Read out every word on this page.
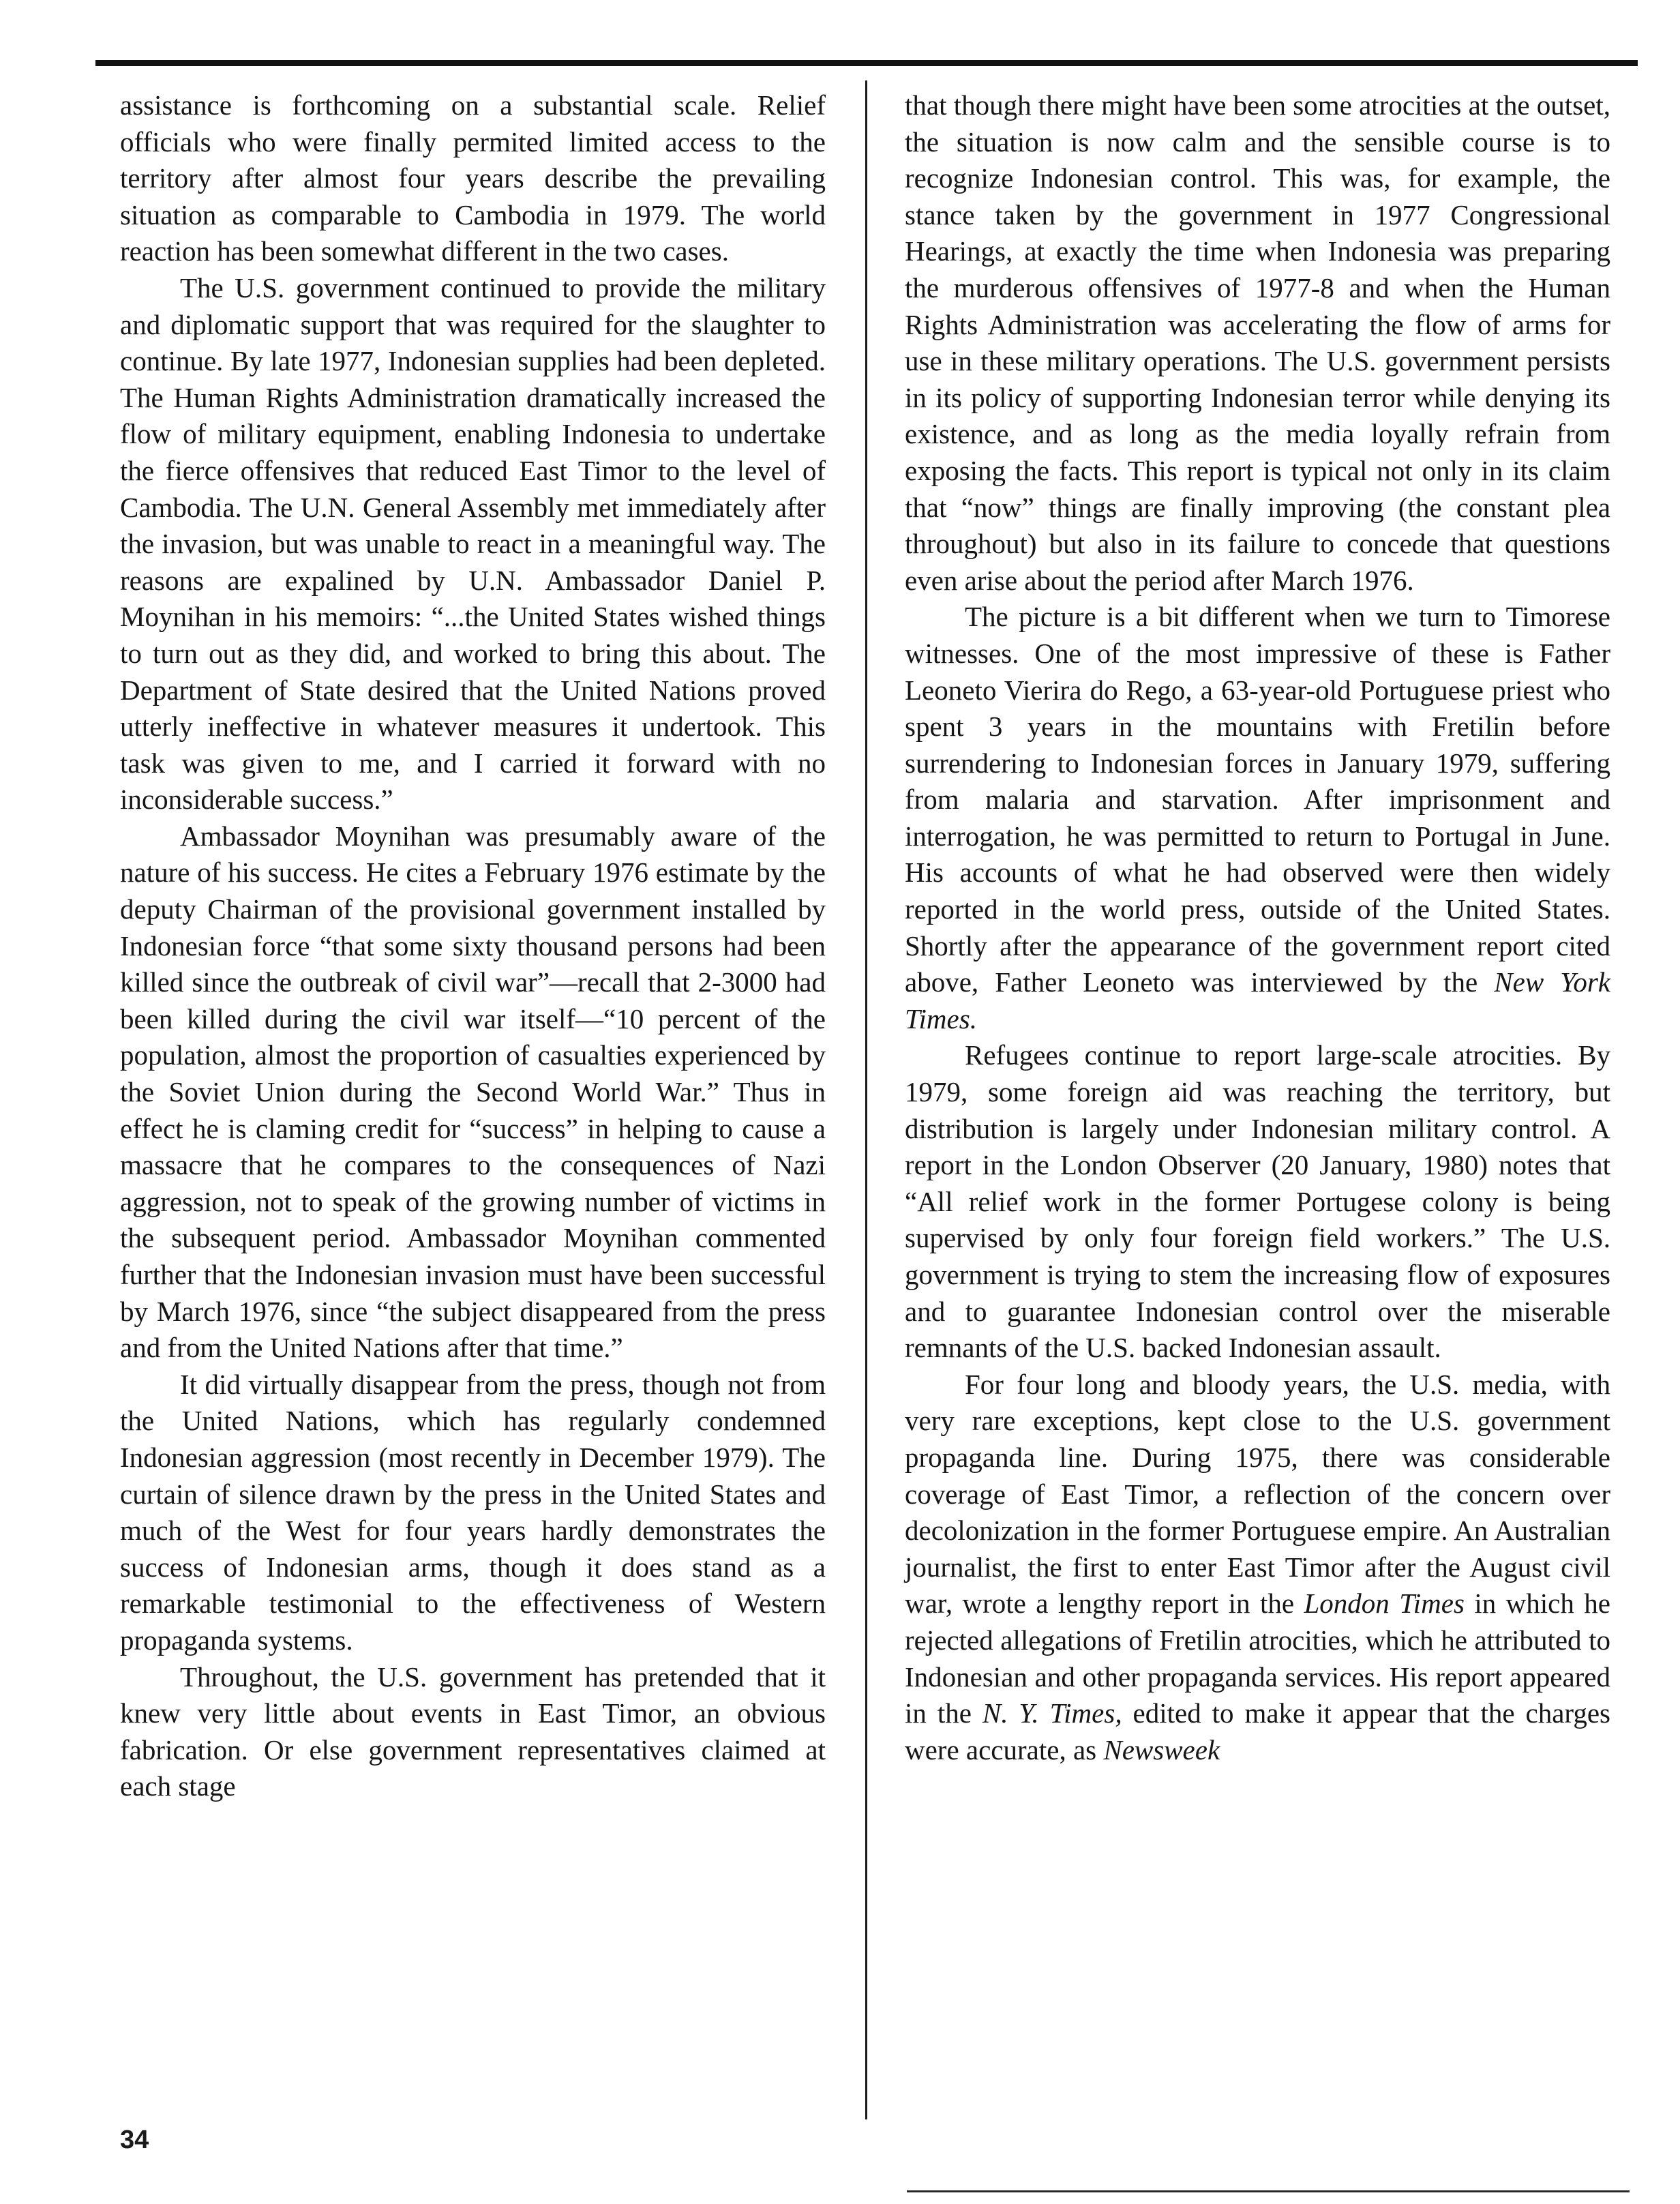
assistance is forthcoming on a substantial scale. Relief officials who were finally permited limited access to the territory after almost four years describe the prevailing situation as comparable to Cambodia in 1979. The world reaction has been somewhat different in the two cases.

The U.S. government continued to provide the military and diplomatic support that was required for the slaughter to continue. By late 1977, Indonesian supplies had been depleted. The Human Rights Administration dramatically increased the flow of military equipment, enabling Indonesia to undertake the fierce offensives that reduced East Timor to the level of Cambodia. The U.N. General Assembly met immediately after the invasion, but was unable to react in a meaningful way. The reasons are expalined by U.N. Ambassador Daniel P. Moynihan in his memoirs: “...the United States wished things to turn out as they did, and worked to bring this about. The Department of State desired that the United Nations proved utterly ineffective in whatever measures it undertook. This task was given to me, and I carried it forward with no inconsiderable success.”

Ambassador Moynihan was presumably aware of the nature of his success. He cites a February 1976 estimate by the deputy Chairman of the provisional government installed by Indonesian force “that some sixty thousand persons had been killed since the outbreak of civil war”—recall that 2-3000 had been killed during the civil war itself—“10 percent of the population, almost the proportion of casualties experienced by the Soviet Union during the Second World War.” Thus in effect he is claming credit for “success” in helping to cause a massacre that he compares to the consequences of Nazi aggression, not to speak of the growing number of victims in the subsequent period. Ambassador Moynihan commented further that the Indonesian invasion must have been successful by March 1976, since “the subject disappeared from the press and from the United Nations after that time.”

It did virtually disappear from the press, though not from the United Nations, which has regularly condemned Indonesian aggression (most recently in December 1979). The curtain of silence drawn by the press in the United States and much of the West for four years hardly demonstrates the success of Indonesian arms, though it does stand as a remarkable testimonial to the effectiveness of Western propaganda systems.

Throughout, the U.S. government has pretended that it knew very little about events in East Timor, an obvious fabrication. Or else government representatives claimed at each stage

that though there might have been some atrocities at the outset, the situation is now calm and the sensible course is to recognize Indonesian control. This was, for example, the stance taken by the government in 1977 Congressional Hearings, at exactly the time when Indonesia was preparing the murderous offensives of 1977-8 and when the Human Rights Administration was accelerating the flow of arms for use in these military operations. The U.S. government persists in its policy of supporting Indonesian terror while denying its existence, and as long as the media loyally refrain from exposing the facts. This report is typical not only in its claim that “now” things are finally improving (the constant plea throughout) but also in its failure to concede that questions even arise about the period after March 1976.

The picture is a bit different when we turn to Timorese witnesses. One of the most impressive of these is Father Leoneto Vierira do Rego, a 63-year-old Portuguese priest who spent 3 years in the mountains with Fretilin before surrendering to Indonesian forces in January 1979, suffering from malaria and starvation. After imprisonment and interrogation, he was permitted to return to Portugal in June. His accounts of what he had observed were then widely reported in the world press, outside of the United States. Shortly after the appearance of the government report cited above, Father Leoneto was interviewed by the New York Times.

Refugees continue to report large-scale atrocities. By 1979, some foreign aid was reaching the territory, but distribution is largely under Indonesian military control. A report in the London Observer (20 January, 1980) notes that “All relief work in the former Portugese colony is being supervised by only four foreign field workers.” The U.S. government is trying to stem the increasing flow of exposures and to guarantee Indonesian control over the miserable remnants of the U.S. backed Indonesian assault.

For four long and bloody years, the U.S. media, with very rare exceptions, kept close to the U.S. government propaganda line. During 1975, there was considerable coverage of East Timor, a reflection of the concern over decolonization in the former Portuguese empire. An Australian journalist, the first to enter East Timor after the August civil war, wrote a lengthy report in the London Times in which he rejected allegations of Fretilin atrocities, which he attributed to Indonesian and other propaganda services. His report appeared in the N. Y. Times, edited to make it appear that the charges were accurate, as Newsweek

34
